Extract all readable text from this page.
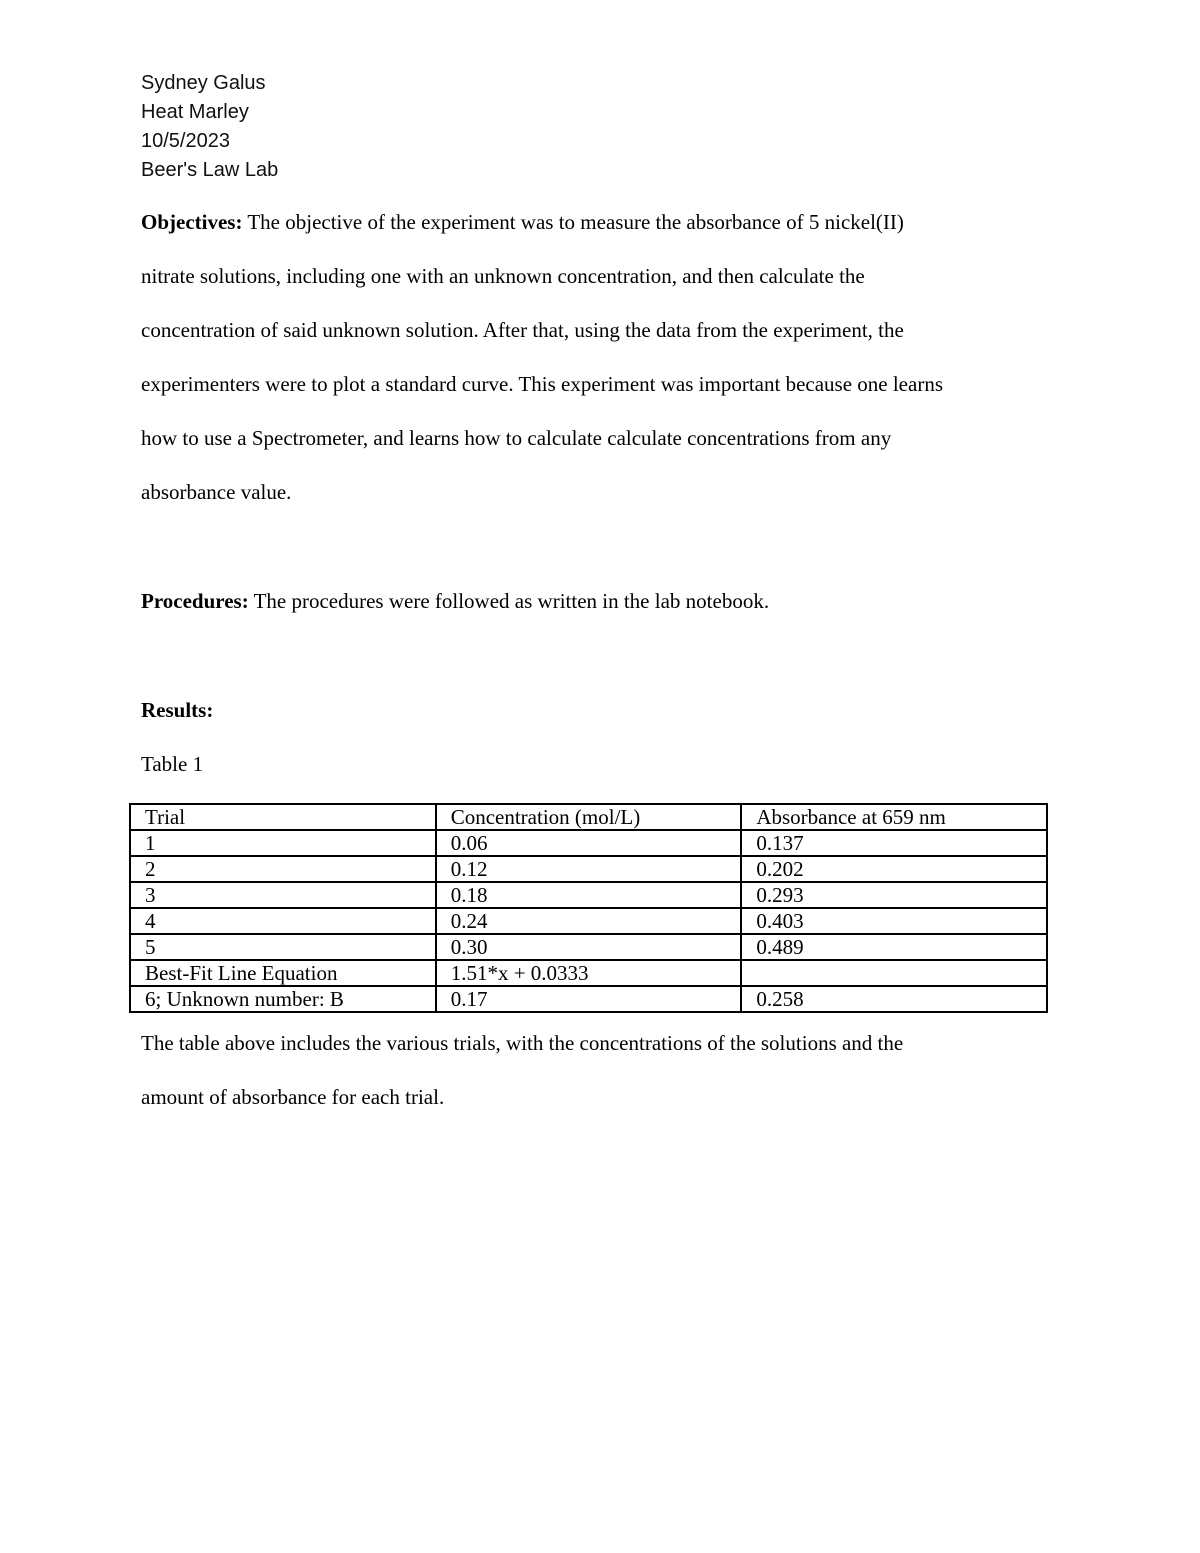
Sydney Galus
Heat Marley
10/5/2023
Beer's Law Lab
Objectives: The objective of the experiment was to measure the absorbance of 5 nickel(II)
nitrate solutions, including one with an unknown concentration, and then calculate the
concentration of said unknown solution. After that, using the data from the experiment, the
experimenters were to plot a standard curve. This experiment was important because one learns
how to use a Spectrometer, and learns how to calculate calculate concentrations from any
absorbance value.
Procedures: The procedures were followed as written in the lab notebook.
Results:
Table 1
Trial	Concentration (mol/L)	Absorbance at 659 nm
1	0.06	0.137
2	0.12	0.202
3	0.18	0.293
4	0.24	0.403
5	0.30	0.489
Best-Fit Line Equation	1.51*x + 0.0333	
6; Unknown number: B	0.17	0.258
The table above includes the various trials, with the concentrations of the solutions and the
amount of absorbance for each trial.
